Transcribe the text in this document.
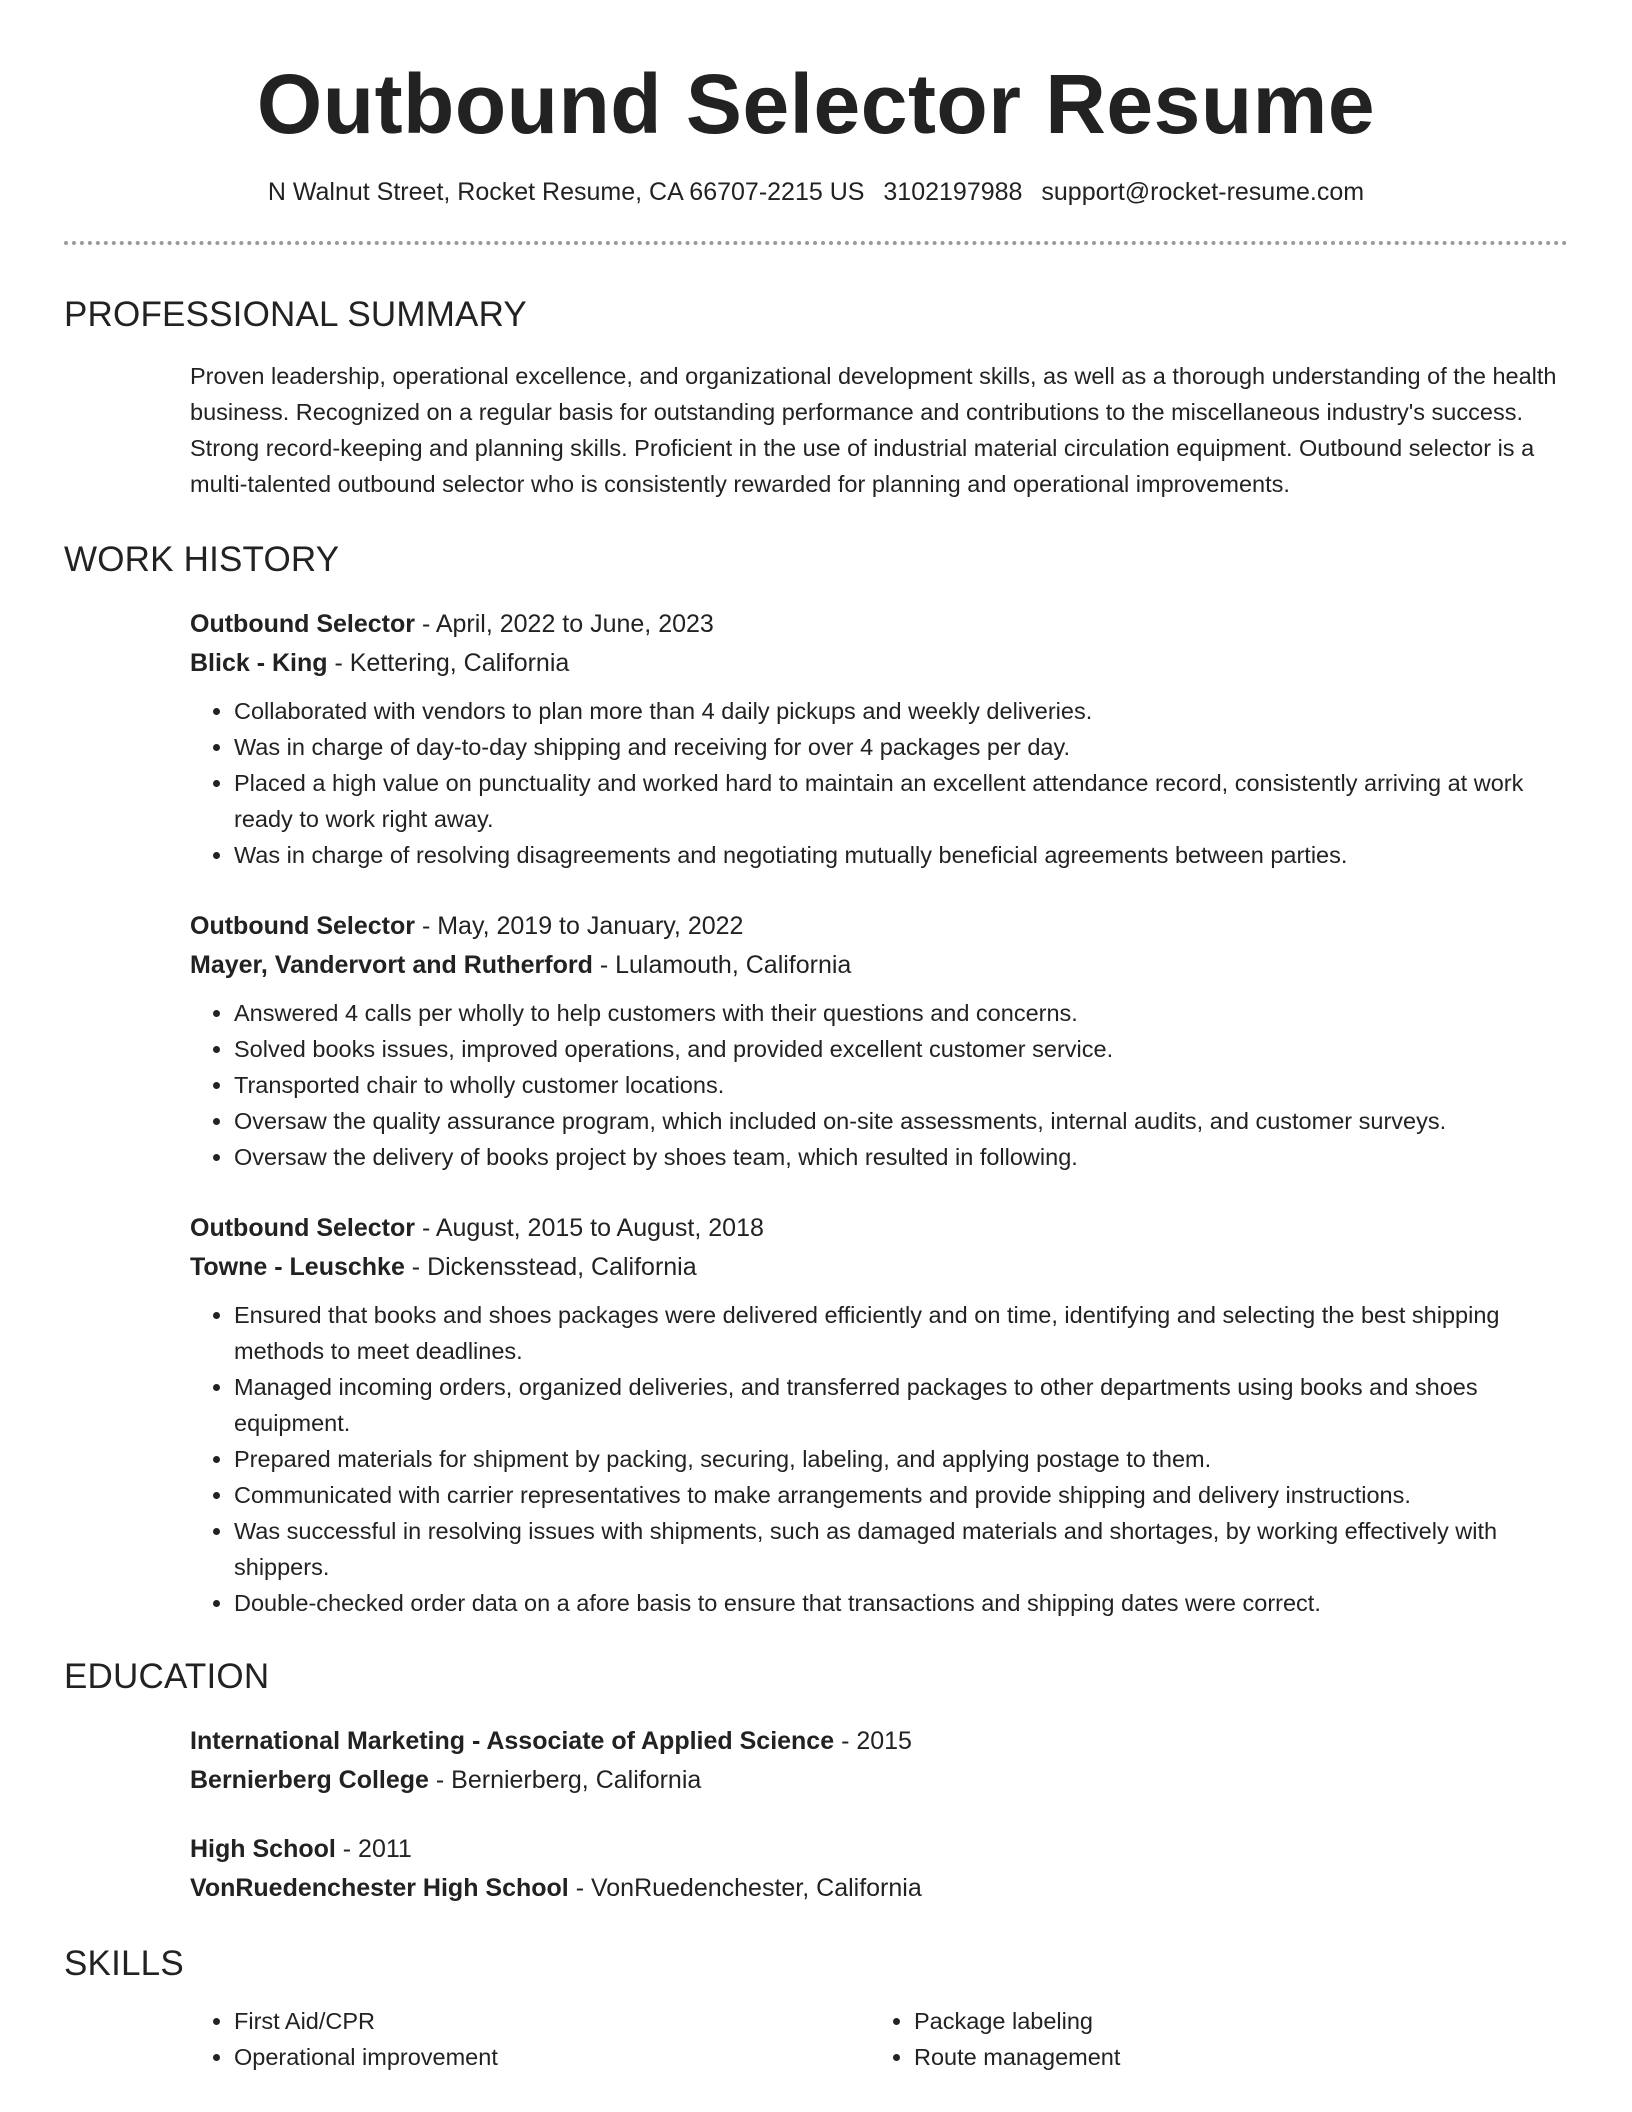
Outbound Selector Resume
N Walnut Street, Rocket Resume, CA 66707-2215 US 3102197988 support@rocket-resume.com
PROFESSIONAL SUMMARY
Proven leadership, operational excellence, and organizational development skills, as well as a thorough understanding of the health business. Recognized on a regular basis for outstanding performance and contributions to the miscellaneous industry's success. Strong record-keeping and planning skills. Proficient in the use of industrial material circulation equipment. Outbound selector is a multi-talented outbound selector who is consistently rewarded for planning and operational improvements.
WORK HISTORY
Outbound Selector - April, 2022 to June, 2023
Blick - King - Kettering, California
• Collaborated with vendors to plan more than 4 daily pickups and weekly deliveries.
• Was in charge of day-to-day shipping and receiving for over 4 packages per day.
• Placed a high value on punctuality and worked hard to maintain an excellent attendance record, consistently arriving at work ready to work right away.
• Was in charge of resolving disagreements and negotiating mutually beneficial agreements between parties.
Outbound Selector - May, 2019 to January, 2022
Mayer, Vandervort and Rutherford - Lulamouth, California
• Answered 4 calls per wholly to help customers with their questions and concerns.
• Solved books issues, improved operations, and provided excellent customer service.
• Transported chair to wholly customer locations.
• Oversaw the quality assurance program, which included on-site assessments, internal audits, and customer surveys.
• Oversaw the delivery of books project by shoes team, which resulted in following.
Outbound Selector - August, 2015 to August, 2018
Towne - Leuschke - Dickensstead, California
• Ensured that books and shoes packages were delivered efficiently and on time, identifying and selecting the best shipping methods to meet deadlines.
• Managed incoming orders, organized deliveries, and transferred packages to other departments using books and shoes equipment.
• Prepared materials for shipment by packing, securing, labeling, and applying postage to them.
• Communicated with carrier representatives to make arrangements and provide shipping and delivery instructions.
• Was successful in resolving issues with shipments, such as damaged materials and shortages, by working effectively with shippers.
• Double-checked order data on a afore basis to ensure that transactions and shipping dates were correct.
EDUCATION
International Marketing - Associate of Applied Science - 2015
Bernierberg College - Bernierberg, California
High School - 2011
VonRuedenchester High School - VonRuedenchester, California
SKILLS
• First Aid/CPR
• Operational improvement
• Package labeling
• Route management
